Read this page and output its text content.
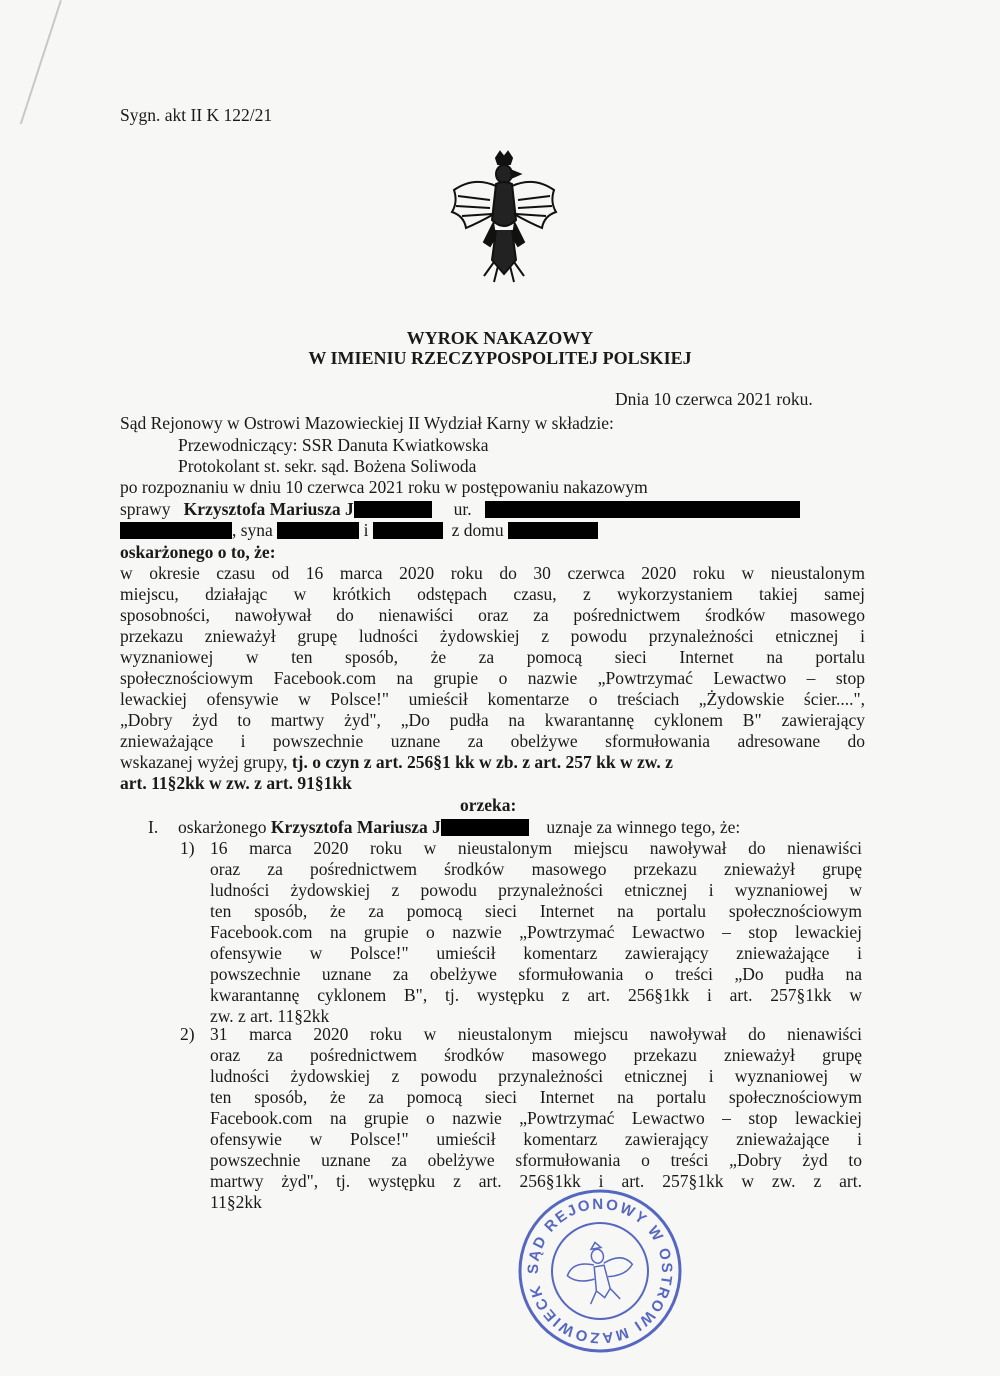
Sygn. akt II K 122/21
WYROK NAKAZOWY
W IMIENIU RZECZYPOSPOLITEJ POLSKIEJ
Dnia 10 czerwca 2021 roku.
Sąd Rejonowy w Ostrowi Mazowieckiej II Wydział Karny w składzie:
Przewodniczący: SSR Danuta Kwiatkowska
Protokolant st. sekr. sąd. Bożena Soliwoda
po rozpoznaniu w dniu 10 czerwca 2021 roku w postępowaniu nakazowym
sprawy Krzysztofa Mariusza J	ur.
, syna	i	z domu
oskarżonego o to, że:
w okresie czasu od 16 marca 2020 roku do 30 czerwca 2020 roku w nieustalonym
miejscu, działając w krótkich odstępach czasu, z wykorzystaniem takiej samej
sposobności, nawoływał do nienawiści oraz za pośrednictwem środków masowego
przekazu znieważył grupę ludności żydowskiej z powodu przynależności etnicznej i
wyznaniowej w ten sposób, że za pomocą sieci Internet na portalu
społecznościowym Facebook.com na grupie o nazwie „Powtrzymać Lewactwo – stop
lewackiej ofensywie w Polsce!" umieścił komentarze o treściach „Żydowskie ścier....",
„Dobry żyd to martwy żyd", „Do pudła na kwarantannę cyklonem B" zawierający
znieważające i powszechnie uznane za obelżywe sformułowania adresowane do
wskazanej wyżej grupy, tj. o czyn z art. 256§1 kk w zb. z art. 257 kk w zw. z
art. 11§2kk w zw. z art. 91§1kk
orzeka:
I. oskarżonego Krzysztofa Mariusza J	uznaje za winnego tego, że:
1) 16 marca 2020 roku w nieustalonym miejscu nawoływał do nienawiści
oraz za pośrednictwem środków masowego przekazu znieważył grupę
ludności żydowskiej z powodu przynależności etnicznej i wyznaniowej w
ten sposób, że za pomocą sieci Internet na portalu społecznościowym
Facebook.com na grupie o nazwie „Powtrzymać Lewactwo – stop lewackiej
ofensywie w Polsce!" umieścił komentarz zawierający znieważające i
powszechnie uznane za obelżywe sformułowania o treści „Do pudła na
kwarantannę cyklonem B", tj. występku z art. 256§1kk i art. 257§1kk w
zw. z art. 11§2kk
2) 31 marca 2020 roku w nieustalonym miejscu nawoływał do nienawiści
oraz za pośrednictwem środków masowego przekazu znieważył grupę
ludności żydowskiej z powodu przynależności etnicznej i wyznaniowej w
ten sposób, że za pomocą sieci Internet na portalu społecznościowym
Facebook.com na grupie o nazwie „Powtrzymać Lewactwo – stop lewackiej
ofensywie w Polsce!" umieścił komentarz zawierający znieważające i
powszechnie uznane za obelżywe sformułowania o treści „Dobry żyd to
martwy żyd", tj. występku z art. 256§1kk i art. 257§1kk w zw. z art.
11§2kk
SĄD REJONOWY W OSTROWI MAZOWIECKIEJ
